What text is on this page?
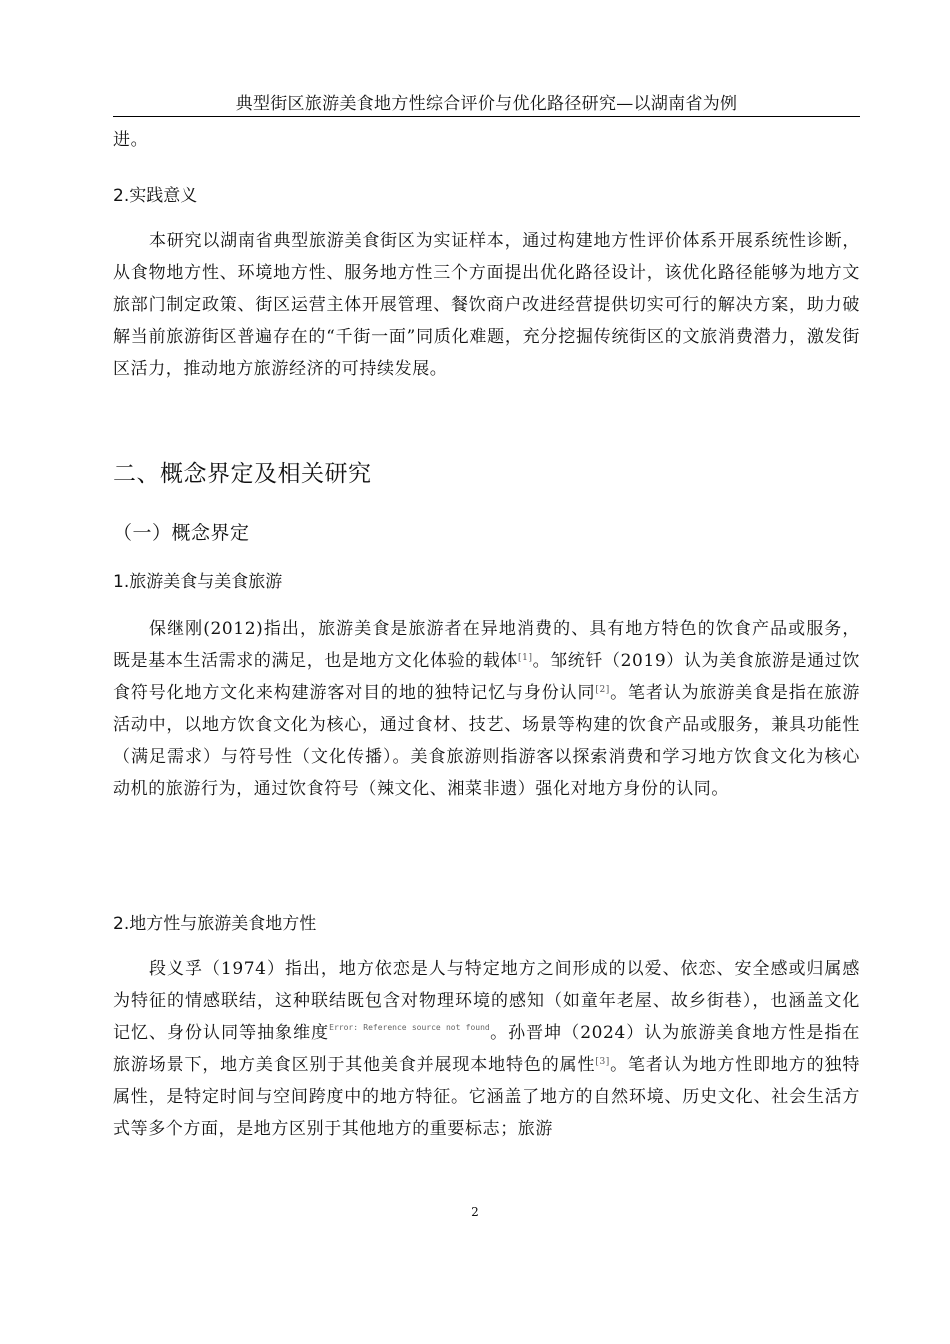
典型街区旅游美食地方性综合评价与优化路径研究—以湖南省为例
进。
2.实践意义
本研究以湖南省典型旅游美食街区为实证样本，通过构建地方性评价体系开展系统性诊断，从食物地方性、环境地方性、服务地方性三个方面提出优化路径设计，该优化路径能够为地方文旅部门制定政策、街区运营主体开展管理、餐饮商户改进经营提供切实可行的解决方案，助力破解当前旅游街区普遍存在的“千街一面”同质化难题，充分挖掘传统街区的文旅消费潜力，激发街区活力，推动地方旅游经济的可持续发展。
二、概念界定及相关研究
（一）概念界定
1.旅游美食与美食旅游
保继刚(2012)指出，旅游美食是旅游者在异地消费的、具有地方特色的饮食产品或服务，既是基本生活需求的满足，也是地方文化体验的载体[1]。邹统钎（2019）认为美食旅游是通过饮食符号化地方文化来构建游客对目的地的独特记忆与身份认同[2]。笔者认为旅游美食是指在旅游活动中，以地方饮食文化为核心，通过食材、技艺、场景等构建的饮食产品或服务，兼具功能性（满足需求）与符号性（文化传播）。美食旅游则指游客以探索消费和学习地方饮食文化为核心动机的旅游行为，通过饮食符号（辣文化、湘菜非遗）强化对地方身份的认同。
2.地方性与旅游美食地方性
段义孚（1974）指出，地方依恋是人与特定地方之间形成的以爱、依恋、安全感或归属感为特征的情感联结，这种联结既包含对物理环境的感知（如童年老屋、故乡街巷），也涵盖文化记忆、身份认同等抽象维度$^{Error: Reference source not found}$。孙晋坤（2024）认为旅游美食地方性是指在旅游场景下，地方美食区别于其他美食并展现本地特色的属性[3]。笔者认为地方性即地方的独特属性，是特定时间与空间跨度中的地方特征。它涵盖了地方的自然环境、历史文化、社会生活方式等多个方面，是地方区别于其他地方的重要标志；旅游
2
